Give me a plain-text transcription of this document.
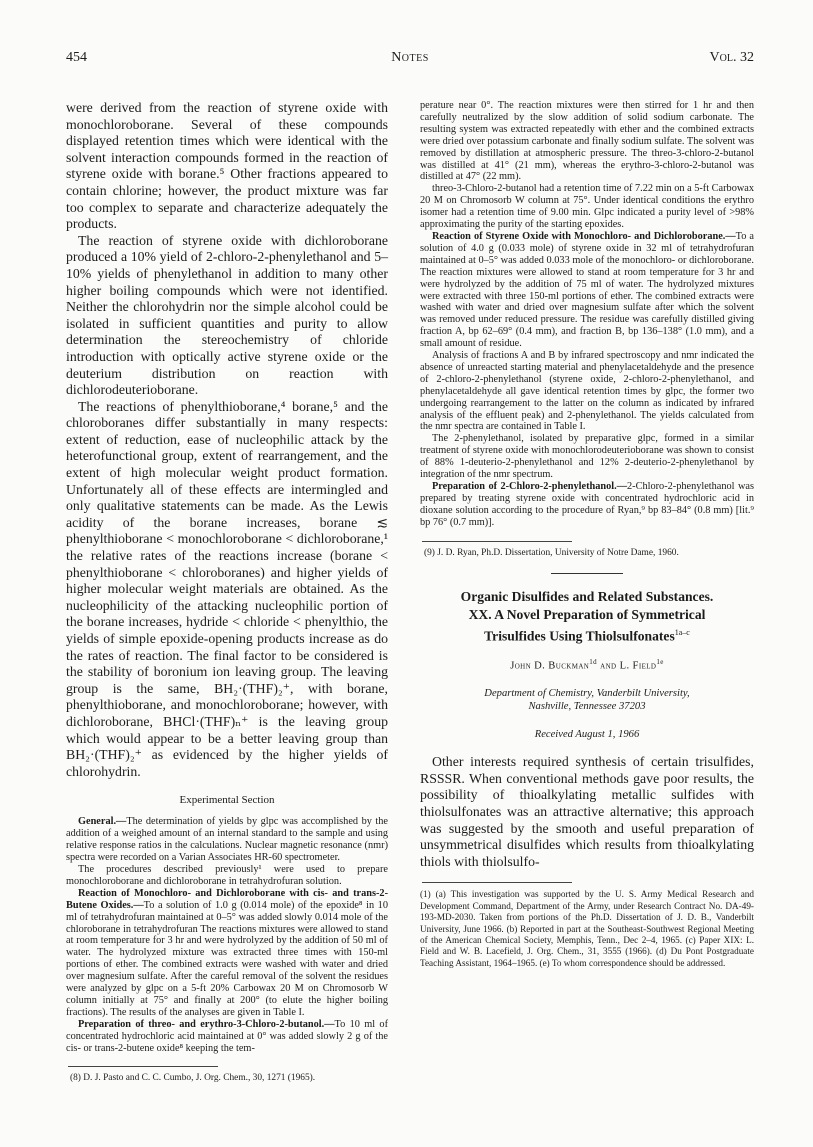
454	Notes	Vol. 32

were derived from the reaction of styrene oxide with monochloroborane. Several of these compounds displayed retention times which were identical with the solvent interaction compounds formed in the reaction of styrene oxide with borane.⁵ Other fractions appeared to contain chlorine; however, the product mixture was far too complex to separate and characterize adequately the products.

The reaction of styrene oxide with dichloroborane produced a 10% yield of 2-chloro-2-phenylethanol and 5–10% yields of phenylethanol in addition to many other higher boiling compounds which were not identified. Neither the chlorohydrin nor the simple alcohol could be isolated in sufficient quantities and purity to allow determination the stereochemistry of chloride introduction with optically active styrene oxide or the deuterium distribution on reaction with dichlorodeuterioborane.

The reactions of phenylthioborane,⁴ borane,⁵ and the chloroboranes differ substantially in many respects: extent of reduction, ease of nucleophilic attack by the heterofunctional group, extent of rearrangement, and the extent of high molecular weight product formation. Unfortunately all of these effects are intermingled and only qualitative statements can be made. As the Lewis acidity of the borane increases, borane ≲ phenylthioborane < monochloroborane < dichloroborane,¹ the relative rates of the reactions increase (borane < phenylthioborane < chloroboranes) and higher yields of higher molecular weight materials are obtained. As the nucleophilicity of the attacking nucleophilic portion of the borane increases, hydride < chloride < phenylthio, the yields of simple epoxide-opening products increase as do the rates of reaction. The final factor to be considered is the stability of boronium ion leaving group. The leaving group is the same, BH₂·(THF)₂⁺, with borane, phenylthioborane, and monochloroborane; however, with dichloroborane, BHCl·(THF)ₙ⁺ is the leaving group which would appear to be a better leaving group than BH₂·(THF)₂⁺ as evidenced by the higher yields of chlorohydrin.

Experimental Section

General.—The determination of yields by glpc was accomplished by the addition of a weighed amount of an internal standard to the sample and using relative response ratios in the calculations. Nuclear magnetic resonance (nmr) spectra were recorded on a Varian Associates HR-60 spectrometer.

The procedures described previously¹ were used to prepare monochloroborane and dichloroborane in tetrahydrofuran solution.

Reaction of Monochloro- and Dichloroborane with cis- and trans-2-Butene Oxides.—To a solution of 1.0 g (0.014 mole) of the epoxide⁸ in 10 ml of tetrahydrofuran maintained at 0–5° was added slowly 0.014 mole of the chloroborane in tetrahydrofuran The reactions mixtures were allowed to stand at room temperature for 3 hr and were hydrolyzed by the addition of 50 ml of water. The hydrolyzed mixture was extracted three times with 150-ml portions of ether. The combined extracts were washed with water and dried over magnesium sulfate. After the careful removal of the solvent the residues were analyzed by glpc on a 5-ft 20% Carbowax 20 M on Chromosorb W column initially at 75° and finally at 200° (to elute the higher boiling fractions). The results of the analyses are given in Table I.

Preparation of threo- and erythro-3-Chloro-2-butanol.—To 10 ml of concentrated hydrochloric acid maintained at 0° was added slowly 2 g of the cis- or trans-2-butene oxide⁸ keeping the tem-

(8) D. J. Pasto and C. C. Cumbo, J. Org. Chem., 30, 1271 (1965).

perature near 0°. The reaction mixtures were then stirred for 1 hr and then carefully neutralized by the slow addition of solid sodium carbonate. The resulting system was extracted repeatedly with ether and the combined extracts were dried over potassium carbonate and finally sodium sulfate. The solvent was removed by distillation at atmospheric pressure. The threo-3-chloro-2-butanol was distilled at 41° (21 mm), whereas the erythro-3-chloro-2-butanol was distilled at 47° (22 mm).

threo-3-Chloro-2-butanol had a retention time of 7.22 min on a 5-ft Carbowax 20 M on Chromosorb W column at 75°. Under identical conditions the erythro isomer had a retention time of 9.00 min. Glpc indicated a purity level of >98% approximating the purity of the starting epoxides.

Reaction of Styrene Oxide with Monochloro- and Dichloroborane.—To a solution of 4.0 g (0.033 mole) of styrene oxide in 32 ml of tetrahydrofuran maintained at 0–5° was added 0.033 mole of the monochloro- or dichloroborane. The reaction mixtures were allowed to stand at room temperature for 3 hr and were hydrolyzed by the addition of 75 ml of water. The hydrolyzed mixtures were extracted with three 150-ml portions of ether. The combined extracts were washed with water and dried over magnesium sulfate after which the solvent was removed under reduced pressure. The residue was carefully distilled giving fraction A, bp 62–69° (0.4 mm), and fraction B, bp 136–138° (1.0 mm), and a small amount of residue.

Analysis of fractions A and B by infrared spectroscopy and nmr indicated the absence of unreacted starting material and phenylacetaldehyde and the presence of 2-chloro-2-phenylethanol (styrene oxide, 2-chloro-2-phenylethanol, and phenylacetaldehyde all gave identical retention times by glpc, the former two undergoing rearrangement to the latter on the column as indicated by infrared analysis of the effluent peak) and 2-phenylethanol. The yields calculated from the nmr spectra are contained in Table I.

The 2-phenylethanol, isolated by preparative glpc, formed in a similar treatment of styrene oxide with monochlorodeuterioborane was shown to consist of 88% 1-deuterio-2-phenylethanol and 12% 2-deuterio-2-phenylethanol by integration of the nmr spectrum.

Preparation of 2-Chloro-2-phenylethanol.—2-Chloro-2-phenylethanol was prepared by treating styrene oxide with concentrated hydrochloric acid in dioxane solution according to the procedure of Ryan,⁹ bp 83–84° (0.8 mm) [lit.⁹ bp 76° (0.7 mm)].

(9) J. D. Ryan, Ph.D. Dissertation, University of Notre Dame, 1960.
Organic Disulfides and Related Substances.
XX. A Novel Preparation of Symmetrical
Trisulfides Using Thiolsulfonates$^{1a-c}$
John D. Buckman$^{1d}$ and L. Field$^{1e}$
Department of Chemistry, Vanderbilt University,
Nashville, Tennessee 37203
Received August 1, 1966

Other interests required synthesis of certain trisulfides, RSSSR. When conventional methods gave poor results, the possibility of thioalkylating metallic sulfides with thiolsulfonates was an attractive alternative; this approach was suggested by the smooth and useful preparation of unsymmetrical disulfides which results from thioalkylating thiols with thiolsulfo-

(1) (a) This investigation was supported by the U. S. Army Medical Research and Development Command, Department of the Army, under Research Contract No. DA-49-193-MD-2030. Taken from portions of the Ph.D. Dissertation of J. D. B., Vanderbilt University, June 1966. (b) Reported in part at the Southeast-Southwest Regional Meeting of the American Chemical Society, Memphis, Tenn., Dec 2–4, 1965. (c) Paper XIX: L. Field and W. B. Lacefield, J. Org. Chem., 31, 3555 (1966). (d) Du Pont Postgraduate Teaching Assistant, 1964–1965. (e) To whom correspondence should be addressed.
